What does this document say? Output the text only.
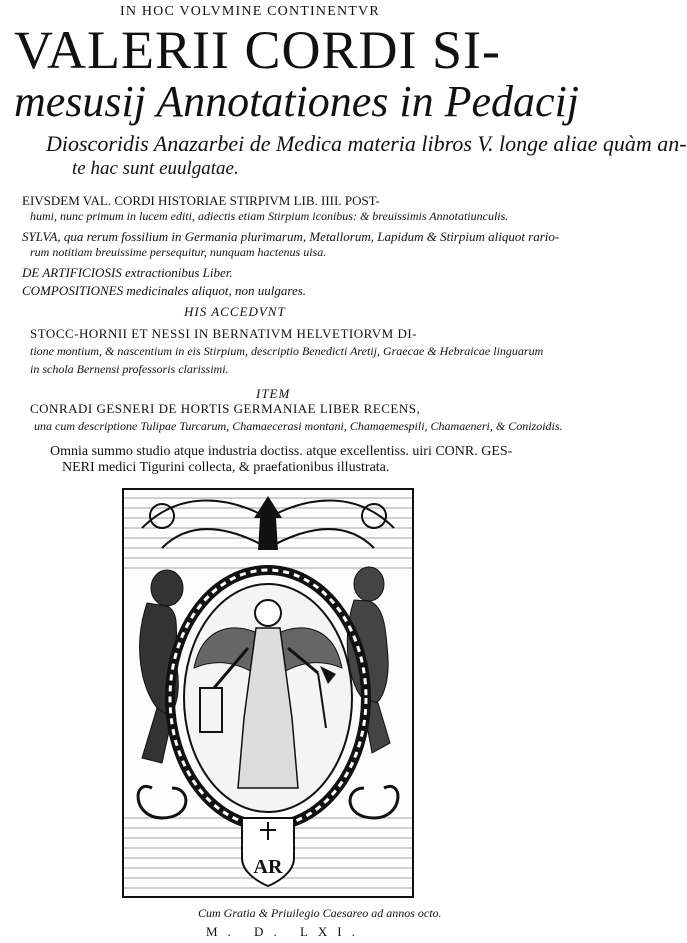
IN HOC VOLVMINE CONTINENTVR
VALERII CORDI SI-
mesusij Annotationes in Pedacij
Dioscoridis Anazarbei de Medica materia libros V. longe aliae quàm an-
te hac sunt euulgatae.
EIVSDEM VAL. CORDI HISTORIAE STIRPIVM LIB. IIII. POST-
humi, nunc primum in lucem editi, adiectis etiam Stirpium iconibus: & breuissimis Annotatiunculis.
SYLVA, qua rerum fossilium in Germania plurimarum, Metallorum, Lapidum & Stirpium aliquot rario-
rum notitiam breuissime persequitur, nunquam hactenus uisa.
DE ARTIFICIOSIS extractionibus Liber.
COMPOSITIONES medicinales aliquot, non uulgares.
HIS ACCEDVNT
STOCC-HORNII ET NESSI IN BERNATIVM HELVETIORVM DI-
tione montium, & nascentium in eis Stirpium, descriptio Benedicti Aretij, Graecae & Hebraicae linguarum
in schola Bernensi professoris clarissimi.
ITEM
CONRADI GESNERI DE HORTIS GERMANIAE LIBER RECENS,
una cum descriptione Tulipae Turcarum, Chamaecerasi montani, Chamaemespili, Chamaeneri, & Conizoidis.
Omnia summo studio atque industria doctiss. atque excellentiss. uiri CONR. GES-
NERI medici Tigurini collecta, & praefationibus illustrata.
AR
Cum Gratia & Priuilegio Caesareo ad annos octo.
M. D. LXI.
